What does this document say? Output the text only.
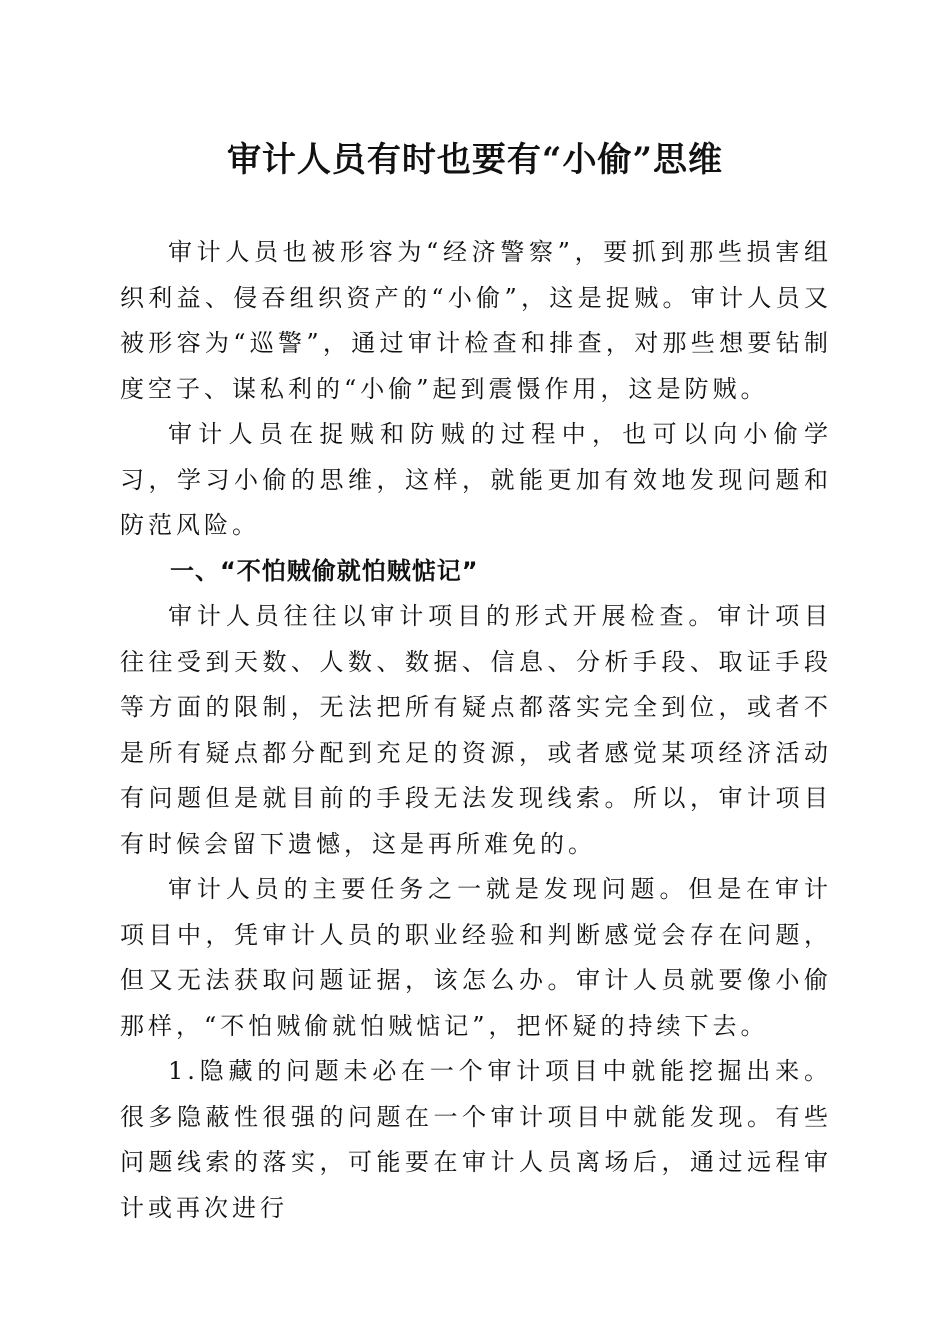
审计人员有时也要有“小偷”思维

审计人员也被形容为“经济警察”，要抓到那些损害组织利益、侵吞组织资产的“小偷”，这是捉贼。审计人员又被形容为“巡警”，通过审计检查和排查，对那些想要钻制度空子、谋私利的“小偷”起到震慑作用，这是防贼。

审计人员在捉贼和防贼的过程中，也可以向小偷学习，学习小偷的思维，这样，就能更加有效地发现问题和防范风险。

一、“不怕贼偷就怕贼惦记”

审计人员往往以审计项目的形式开展检查。审计项目往往受到天数、人数、数据、信息、分析手段、取证手段等方面的限制，无法把所有疑点都落实完全到位，或者不是所有疑点都分配到充足的资源，或者感觉某项经济活动有问题但是就目前的手段无法发现线索。所以，审计项目有时候会留下遗憾，这是再所难免的。

审计人员的主要任务之一就是发现问题。但是在审计项目中，凭审计人员的职业经验和判断感觉会存在问题，但又无法获取问题证据，该怎么办。审计人员就要像小偷那样，“不怕贼偷就怕贼惦记”，把怀疑的持续下去。

1.隐藏的问题未必在一个审计项目中就能挖掘出来。很多隐蔽性很强的问题在一个审计项目中就能发现。有些问题线索的落实，可能要在审计人员离场后，通过远程审计或再次进行
